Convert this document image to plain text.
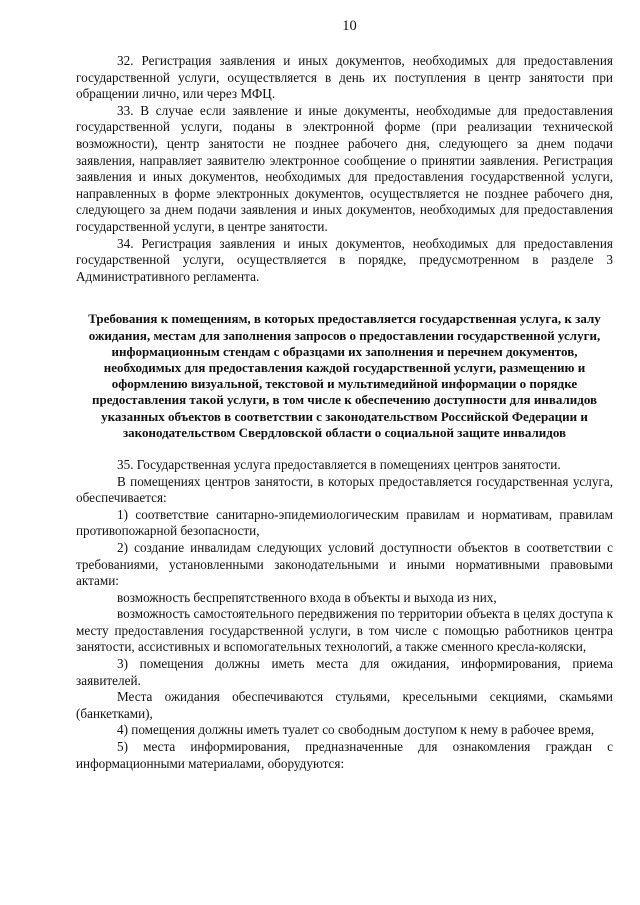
10

32. Регистрация заявления и иных документов, необходимых для предоставления государственной услуги, осуществляется в день их поступления в центр занятости при обращении лично, или через МФЦ.

33. В случае если заявление и иные документы, необходимые для предоставления государственной услуги, поданы в электронной форме (при реализации технической возможности), центр занятости не позднее рабочего дня, следующего за днем подачи заявления, направляет заявителю электронное сообщение о принятии заявления. Регистрация заявления и иных документов, необходимых для предоставления государственной услуги, направленных в форме электронных документов, осуществляется не позднее рабочего дня, следующего за днем подачи заявления и иных документов, необходимых для предоставления государственной услуги, в центре занятости.

34. Регистрация заявления и иных документов, необходимых для предоставления государственной услуги, осуществляется в порядке, предусмотренном в разделе 3 Административного регламента.

Требования к помещениям, в которых предоставляется государственная услуга, к залу ожидания, местам для заполнения запросов о предоставлении государственной услуги, информационным стендам с образцами их заполнения и перечнем документов, необходимых для предоставления каждой государственной услуги, размещению и оформлению визуальной, текстовой и мультимедийной информации о порядке предоставления такой услуги, в том числе к обеспечению доступности для инвалидов указанных объектов в соответствии с законодательством Российской Федерации и законодательством Свердловской области о социальной защите инвалидов

35. Государственная услуга предоставляется в помещениях центров занятости.

В помещениях центров занятости, в которых предоставляется государственная услуга, обеспечивается:

1) соответствие санитарно-эпидемиологическим правилам и нормативам, правилам противопожарной безопасности,

2) создание инвалидам следующих условий доступности объектов в соответствии с требованиями, установленными законодательными и иными нормативными правовыми актами:

возможность беспрепятственного входа в объекты и выхода из них,

возможность самостоятельного передвижения по территории объекта в целях доступа к месту предоставления государственной услуги, в том числе с помощью работников центра занятости, ассистивных и вспомогательных технологий, а также сменного кресла-коляски,

3) помещения должны иметь места для ожидания, информирования, приема заявителей.

Места ожидания обеспечиваются стульями, кресельными секциями, скамьями (банкетками),

4) помещения должны иметь туалет со свободным доступом к нему в рабочее время,

5) места информирования, предназначенные для ознакомления граждан с информационными материалами, оборудуются:
